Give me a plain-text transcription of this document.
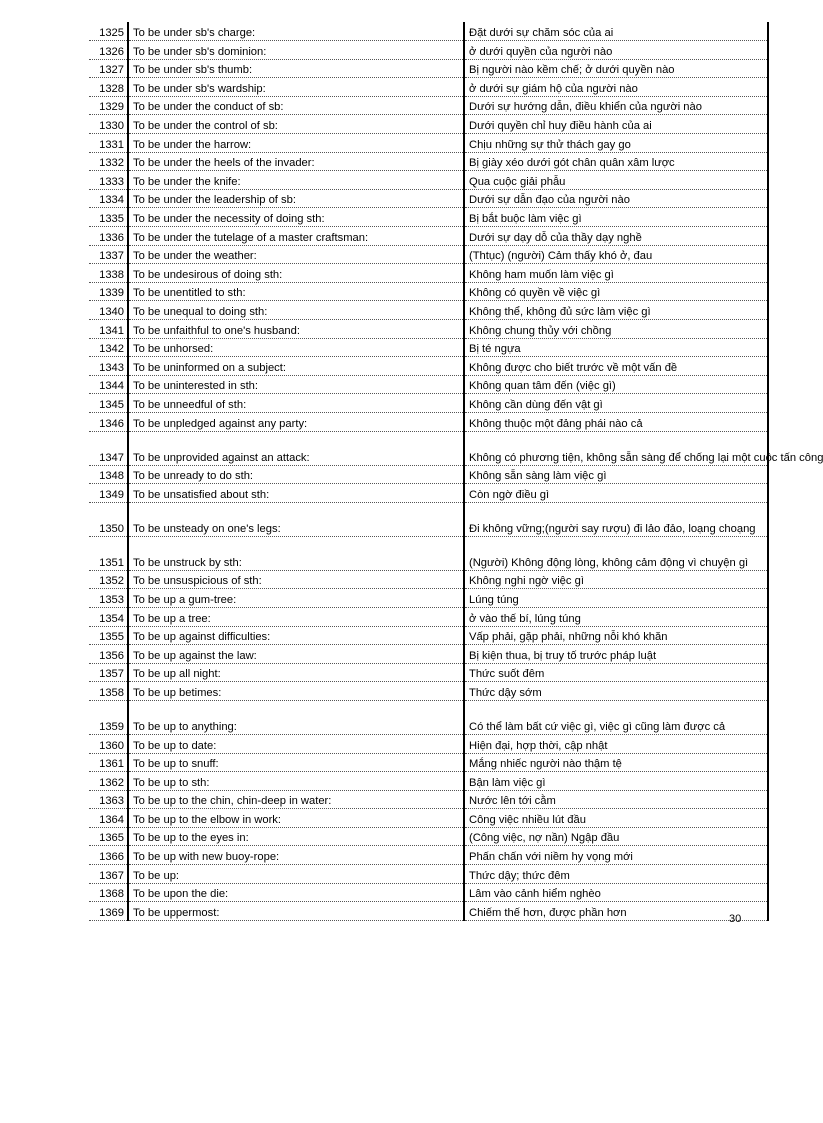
1325	To be under sb's charge:	Đặt dưới sự chăm sóc của ai
1326	To be under sb's dominion:	ở dưới quyền của người nào
1327	To be under sb's thumb:	Bị người nào kềm chế; ở dưới quyền nào
1328	To be under sb's wardship:	ở dưới sự giám hộ của người nào
1329	To be under the conduct of sb:	Dưới sự hướng dẫn, điều khiển của người nào
1330	To be under the control of sb:	Dưới quyền chỉ huy điều hành của ai
1331	To be under the harrow:	Chịu những sự thử thách gay go
1332	To be under the heels of the invader:	Bị giày xéo dưới gót chân quân xâm lược
1333	To be under the knife:	Qua cuộc giải phẫu
1334	To be under the leadership of sb:	Dưới sự dẫn đạo của người nào
1335	To be under the necessity of doing sth:	Bị bắt buộc làm việc gì
1336	To be under the tutelage of a master craftsman:	Dưới sự dạy dỗ của thầy dạy nghề
1337	To be under the weather:	(Thtục) (người) Cảm thấy khó ở, đau
1338	To be undesirous of doing sth:	Không ham muốn làm việc gì
1339	To be unentitled to sth:	Không có quyền về việc gì
1340	To be unequal to doing sth:	Không thể, không đủ sức làm việc gì
1341	To be unfaithful to one's husband:	Không chung thủy với chồng
1342	To be unhorsed:	Bị té ngựa
1343	To be uninformed on a subject:	Không được cho biết trước về một vấn đề
1344	To be uninterested in sth:	Không quan tâm đến (việc gì)
1345	To be unneedful of sth:	Không cần dùng đến vật gì
1346	To be unpledged against any party:	Không thuộc một đảng phái nào cả
1347	To be unprovided against an attack:	Không có phương tiện, không sẵn sàng để chống lại một cuộc tấn công
1348	To be unready to do sth:	Không sẵn sàng làm việc gì
1349	To be unsatisfied about sth:	Còn ngờ điều gì
1350	To be unsteady on one's legs:	Đi không vững;(người say rượu) đi lảo đảo, loạng choạng
1351	To be unstruck by sth:	(Người) Không động lòng, không cảm động vì chuyện gì
1352	To be unsuspicious of sth:	Không nghi ngờ việc gì
1353	To be up a gum-tree:	Lúng túng
1354	To be up a tree:	ở vào thế bí, lúng túng
1355	To be up against difficulties:	Vấp phải, gặp phải, những nỗi khó khăn
1356	To be up against the law:	Bị kiện thua, bị truy tố trước pháp luật
1357	To be up all night:	Thức suốt đêm
1358	To be up betimes:	Thức dậy sớm
1359	To be up to anything:	Có thể làm bất cứ việc gì, việc gì cũng làm được cả
1360	To be up to date:	Hiện đại, hợp thời, cập nhật
1361	To be up to snuff:	Mắng nhiếc người nào thậm tệ
1362	To be up to sth:	Bận làm việc gì
1363	To be up to the chin, chin-deep in water:	Nước lên tới cằm
1364	To be up to the elbow in work:	Công việc nhiều lút đầu
1365	To be up to the eyes in:	(Công việc, nợ nần) Ngập đầu
1366	To be up with new buoy-rope:	Phấn chấn với niềm hy vọng mới
1367	To be up:	Thức dậy; thức đêm
1368	To be upon the die:	Lâm vào cảnh hiểm nghèo
1369	To be uppermost:	Chiếm thế hơn, được phần hơn
30
